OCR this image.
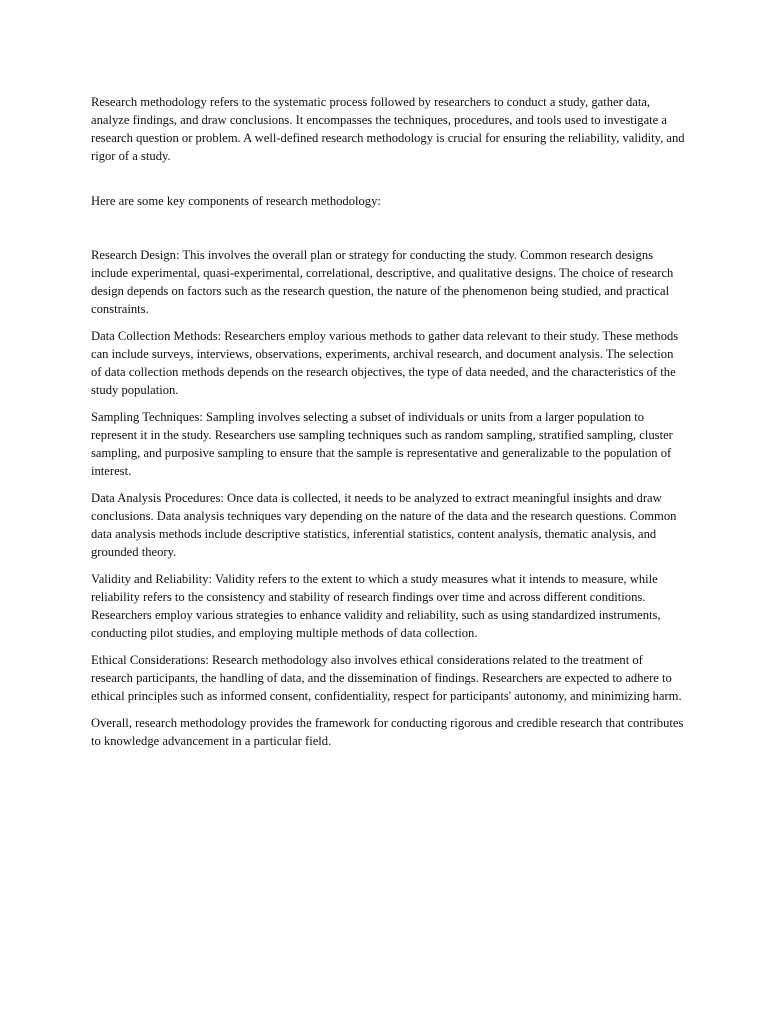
Research methodology refers to the systematic process followed by researchers to conduct a study, gather data, analyze findings, and draw conclusions. It encompasses the techniques, procedures, and tools used to investigate a research question or problem. A well-defined research methodology is crucial for ensuring the reliability, validity, and rigor of a study.

Here are some key components of research methodology:

Research Design: This involves the overall plan or strategy for conducting the study. Common research designs include experimental, quasi-experimental, correlational, descriptive, and qualitative designs. The choice of research design depends on factors such as the research question, the nature of the phenomenon being studied, and practical constraints.

Data Collection Methods: Researchers employ various methods to gather data relevant to their study. These methods can include surveys, interviews, observations, experiments, archival research, and document analysis. The selection of data collection methods depends on the research objectives, the type of data needed, and the characteristics of the study population.

Sampling Techniques: Sampling involves selecting a subset of individuals or units from a larger population to represent it in the study. Researchers use sampling techniques such as random sampling, stratified sampling, cluster sampling, and purposive sampling to ensure that the sample is representative and generalizable to the population of interest.

Data Analysis Procedures: Once data is collected, it needs to be analyzed to extract meaningful insights and draw conclusions. Data analysis techniques vary depending on the nature of the data and the research questions. Common data analysis methods include descriptive statistics, inferential statistics, content analysis, thematic analysis, and grounded theory.

Validity and Reliability: Validity refers to the extent to which a study measures what it intends to measure, while reliability refers to the consistency and stability of research findings over time and across different conditions. Researchers employ various strategies to enhance validity and reliability, such as using standardized instruments, conducting pilot studies, and employing multiple methods of data collection.

Ethical Considerations: Research methodology also involves ethical considerations related to the treatment of research participants, the handling of data, and the dissemination of findings. Researchers are expected to adhere to ethical principles such as informed consent, confidentiality, respect for participants' autonomy, and minimizing harm.

Overall, research methodology provides the framework for conducting rigorous and credible research that contributes to knowledge advancement in a particular field.
